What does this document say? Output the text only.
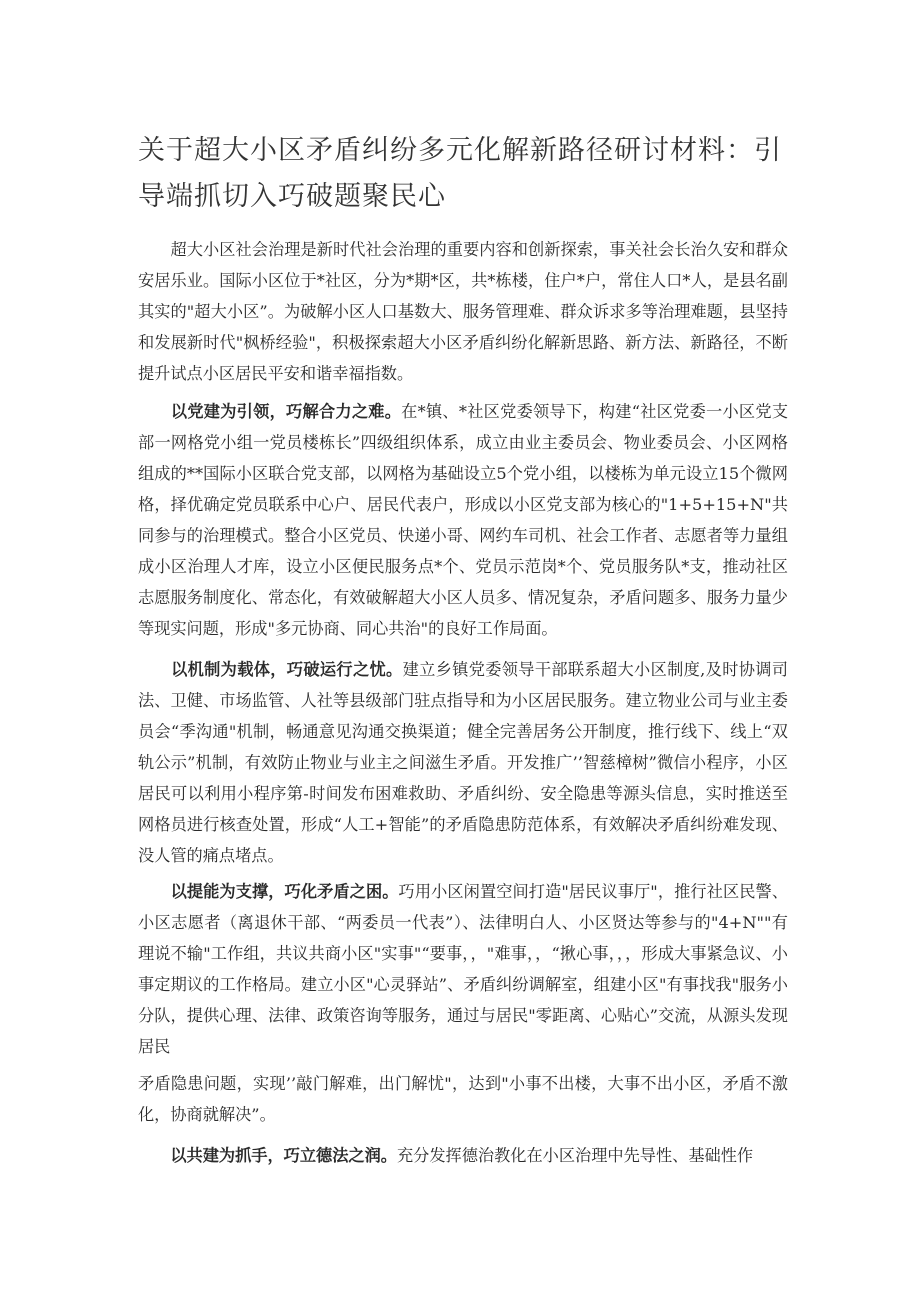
关于超大小区矛盾纠纷多元化解新路径研讨材料：引导端抓切入巧破题聚民心

　　超大小区社会治理是新时代社会治理的重要内容和创新探索，事关社会长治久安和群众安居乐业。国际小区位于*社区，分为*期*区，共*栋楼，住户*户，常住人口*人，是县名副其实的"超大小区”。为破解小区人口基数大、服务管理难、群众诉求多等治理难题，县坚持和发展新时代"枫桥经验"，积极探索超大小区矛盾纠纷化解新思路、新方法、新路径，不断提升试点小区居民平安和谐幸福指数。

　　以党建为引领，巧解合力之难。在*镇、*社区党委领导下，构建“社区党委一小区党支部一网格党小组一党员楼栋长”四级组织体系，成立由业主委员会、物业委员会、小区网格组成的**国际小区联合党支部，以网格为基础设立5个党小组，以楼栋为单元设立15个微网格，择优确定党员联系中心户、居民代表户，形成以小区党支部为核心的"1+5+15+N"共同参与的治理模式。整合小区党员、快递小哥、网约车司机、社会工作者、志愿者等力量组成小区治理人才库，设立小区便民服务点*个、党员示范岗*个、党员服务队*支，推动社区志愿服务制度化、常态化，有效破解超大小区人员多、情况复杂，矛盾问题多、服务力量少等现实问题，形成"多元协商、同心共治"的良好工作局面。

　　以机制为载体，巧破运行之忧。建立乡镇党委领导干部联系超大小区制度,及时协调司法、卫健、市场监管、人社等县级部门驻点指导和为小区居民服务。建立物业公司与业主委员会“季沟通"机制，畅通意见沟通交换渠道；健全完善居务公开制度，推行线下、线上“双轨公示”机制，有效防止物业与业主之间滋生矛盾。开发推广’’智慈樟树”微信小程序，小区居民可以利用小程序第-时间发布困难救助、矛盾纠纷、安全隐患等源头信息，实时推送至网格员进行核查处置，形成“人工+智能”的矛盾隐患防范体系，有效解决矛盾纠纷难发现、没人管的痛点堵点。

　　以提能为支撑，巧化矛盾之困。巧用小区闲置空间打造"居民议事厅"，推行社区民警、小区志愿者（离退休干部、“两委员一代表”）、法律明白人、小区贤达等参与的"4+N""有理说不输"工作组，共议共商小区"实事"“要事，，"难事，，“揪心事，，，形成大事紧急议、小事定期议的工作格局。建立小区"心灵驿站”、矛盾纠纷调解室，组建小区"有事找我"服务小分队，提供心理、法律、政策咨询等服务，通过与居民"零距离、心贴心”交流，从源头发现居民

矛盾隐患问题，实现’’敲门解难，出门解忧"，达到"小事不出楼，大事不出小区，矛盾不激化，协商就解决”。

　　以共建为抓手，巧立德法之润。充分发挥德治教化在小区治理中先导性、基础性作
